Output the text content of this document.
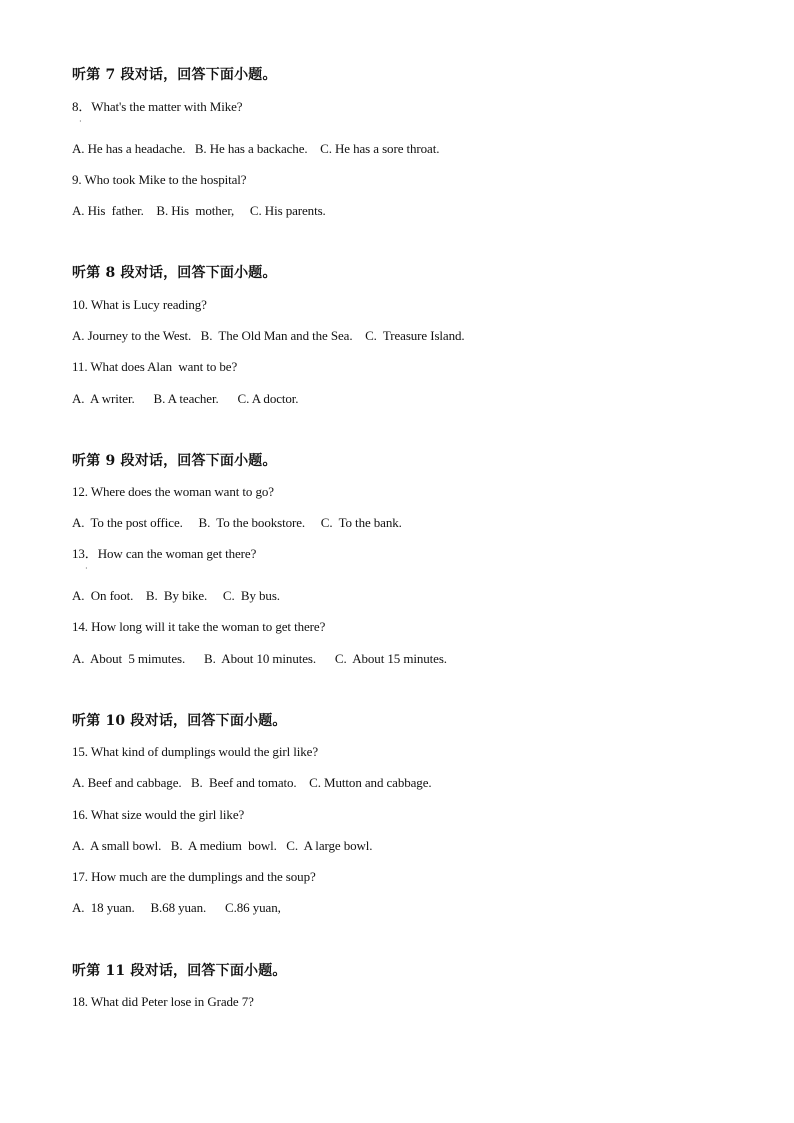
听第 7 段对话，回答下面小题。
8．What's the matter with Mike?
·
A. He has a headache.   B. He has a backache.    C. He has a sore throat.
9. Who took Mike to the hospital?
A. His  father.    B. His  mother,     C. His parents.
听第 8 段对话，回答下面小题。
10. What is Lucy reading?
A. Journey to the West.   B.  The Old Man and the Sea.    C.  Treasure Island.
11. What does Alan  want to be?
A.  A writer.      B. A teacher.      C. A doctor.
听第 9 段对话，回答下面小题。
12. Where does the woman want to go?
A.  To the post office.     B.  To the bookstore.     C.  To the bank.
13．How can the woman get there?
·
A.  On foot.    B.  By bike.     C.  By bus.
14. How long will it take the woman to get there?
A.  About  5 mimutes.      B.  About 10 minutes.      C.  About 15 minutes.
听第 10 段对话，回答下面小题。
15. What kind of dumplings would the girl like?
A. Beef and cabbage.   B.  Beef and tomato.    C. Mutton and cabbage.
16. What size would the girl like?
A.  A small bowl.   B.  A medium  bowl.   C.  A large bowl.
17. How much are the dumplings and the soup?
A.  18 yuan.     B.68 yuan.      C.86 yuan,
听第 11 段对话，回答下面小题。
18. What did Peter lose in Grade 7?
